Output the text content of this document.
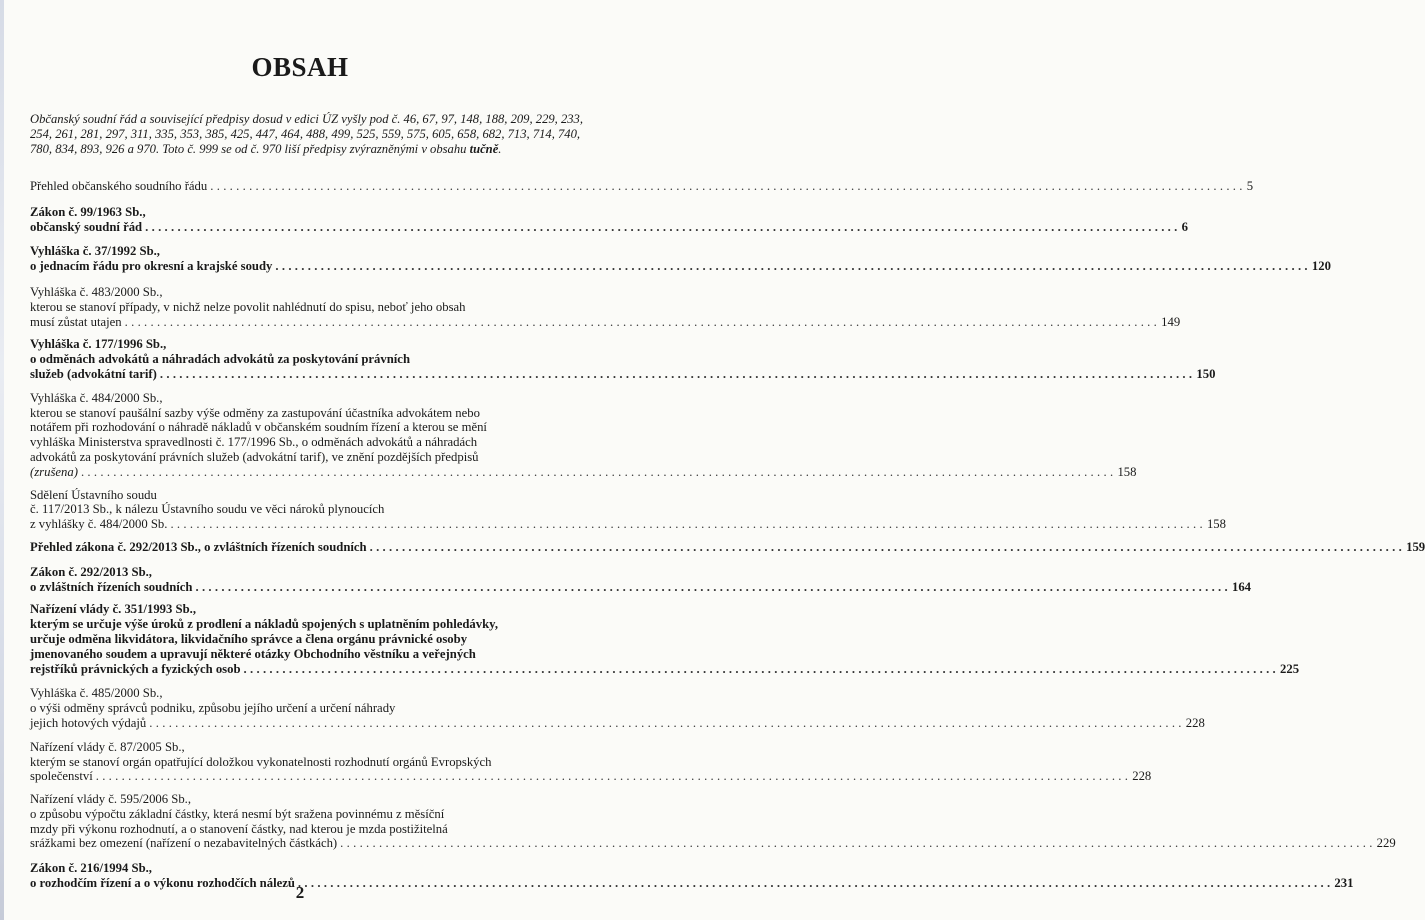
OBSAH
Občanský soudní řád a související předpisy dosud v edici ÚZ vyšly pod č. 46, 67, 97, 148, 188, 209, 229, 233, 254, 261, 281, 297, 311, 335, 353, 385, 425, 447, 464, 488, 499, 525, 559, 575, 605, 658, 682, 713, 714, 740, 780, 834, 893, 926 a 970. Toto č. 999 se od č. 970 liší předpisy zvýrazněnými v obsahu tučně.
Přehled občanského soudního řádu ................................................................................................................................................................ 5
Zákon č. 99/1963 Sb.,
občanský soudní řád ................................................................................................................................................................ 6
Vyhláška č. 37/1992 Sb.,
o jednacím řádu pro okresní a krajské soudy ................................................................................................................................................................ 120
Vyhláška č. 483/2000 Sb.,
kterou se stanoví případy, v nichž nelze povolit nahlédnutí do spisu, neboť jeho obsah
musí zůstat utajen ................................................................................................................................................................ 149
Vyhláška č. 177/1996 Sb.,
o odměnách advokátů a náhradách advokátů za poskytování právních
služeb (advokátní tarif) ................................................................................................................................................................ 150
Vyhláška č. 484/2000 Sb.,
kterou se stanoví paušální sazby výše odměny za zastupování účastníka advokátem nebo
notářem při rozhodování o náhradě nákladů v občanském soudním řízení a kterou se mění
vyhláška Ministerstva spravedlnosti č. 177/1996 Sb., o odměnách advokátů a náhradách
advokátů za poskytování právních služeb (advokátní tarif), ve znění pozdějších předpisů
(zrušena) ................................................................................................................................................................ 158
Sdělení Ústavního soudu
č. 117/2013 Sb., k nálezu Ústavního soudu ve věci nároků plynoucích
z vyhlášky č. 484/2000 Sb. ................................................................................................................................................................ 158
Přehled zákona č. 292/2013 Sb., o zvláštních řízeních soudních ................................................................................................................................................................ 159
Zákon č. 292/2013 Sb.,
o zvláštních řízeních soudních ................................................................................................................................................................ 164
Nařízení vlády č. 351/1993 Sb.,
kterým se určuje výše úroků z prodlení a nákladů spojených s uplatněním pohledávky,
určuje odměna likvidátora, likvidačního správce a člena orgánu právnické osoby
jmenovaného soudem a upravují některé otázky Obchodního věstníku a veřejných
rejstříků právnických a fyzických osob ................................................................................................................................................................ 225
Vyhláška č. 485/2000 Sb.,
o výši odměny správců podniku, způsobu jejího určení a určení náhrady
jejich hotových výdajů ................................................................................................................................................................ 228
Nařízení vlády č. 87/2005 Sb.,
kterým se stanoví orgán opatřující doložkou vykonatelnosti rozhodnutí orgánů Evropských
společenství ................................................................................................................................................................ 228
Nařízení vlády č. 595/2006 Sb.,
o způsobu výpočtu základní částky, která nesmí být sražena povinnému z měsíční
mzdy při výkonu rozhodnutí, a o stanovení částky, nad kterou je mzda postižitelná
srážkami bez omezení (nařízení o nezabavitelných částkách) ................................................................................................................................................................ 229
Zákon č. 216/1994 Sb.,
o rozhodčím řízení a o výkonu rozhodčích nálezů ................................................................................................................................................................ 231
2
